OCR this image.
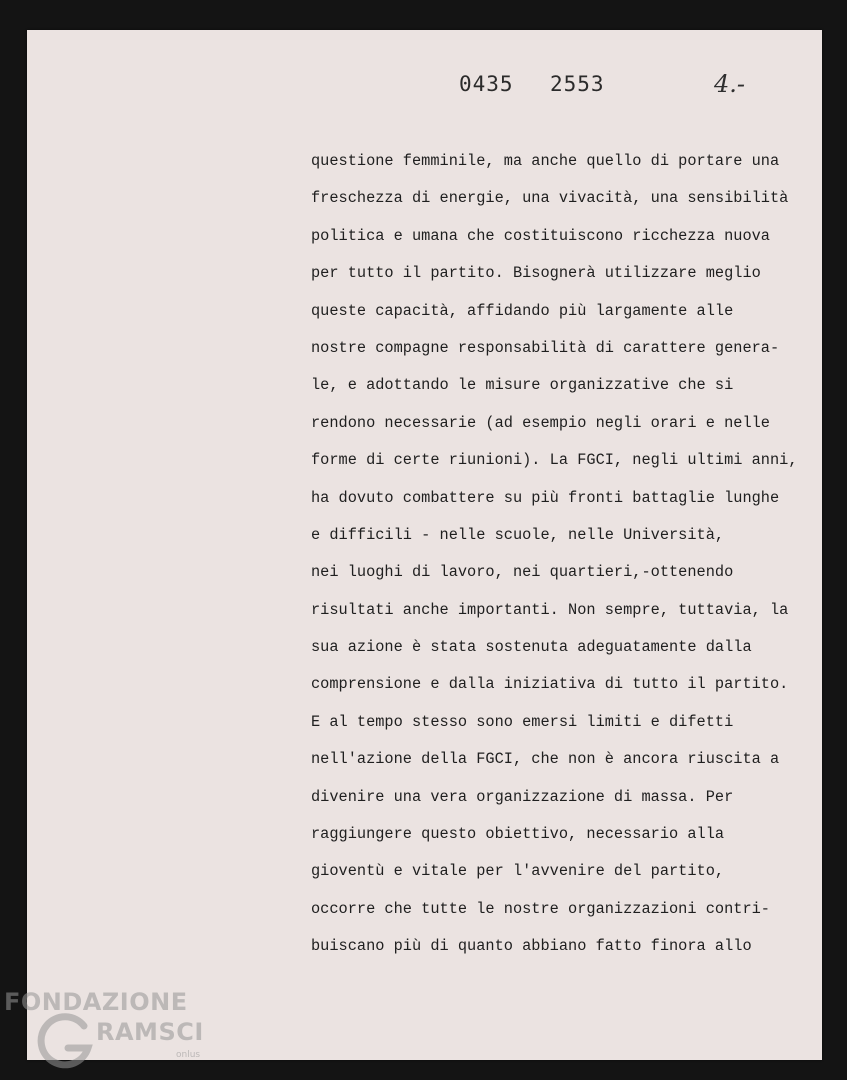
0435 2553	4.-
questione femminile, ma anche quello di portare una
freschezza di energie, una vivacità, una sensibilità
politica e umana che costituiscono ricchezza nuova
per tutto il partito. Bisognerà utilizzare meglio
queste capacità, affidando più largamente alle
nostre compagne responsabilità di carattere genera-
le, e adottando le misure organizzative che si
rendono necessarie (ad esempio negli orari e nelle
forme di certe riunioni). La FGCI, negli ultimi anni,
ha dovuto combattere su più fronti battaglie lunghe
e difficili - nelle scuole, nelle Università,
nei luoghi di lavoro, nei quartieri,-ottenendo
risultati anche importanti. Non sempre, tuttavia, la
sua azione è stata sostenuta adeguatamente dalla
comprensione e dalla iniziativa di tutto il partito.
E al tempo stesso sono emersi limiti e difetti
nell'azione della FGCI, che non è ancora riuscita a
divenire una vera organizzazione di massa. Per
raggiungere questo obiettivo, necessario alla
gioventù e vitale per l'avvenire del partito,
occorre che tutte le nostre organizzazioni contri-
buiscano più di quanto abbiano fatto finora allo
FONDAZIONE
RAMSCI
onlus
